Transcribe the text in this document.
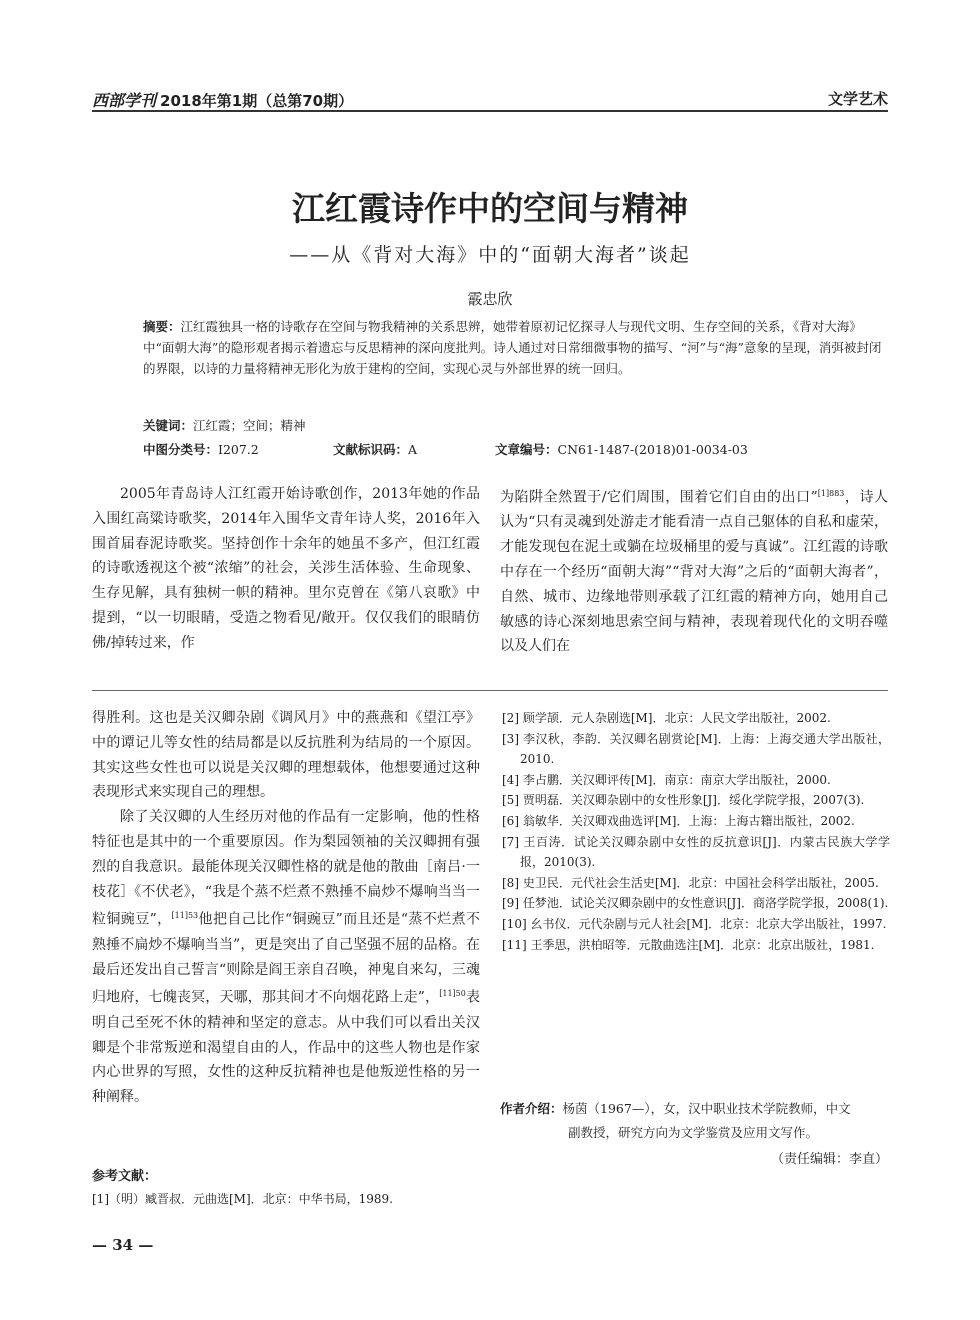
西部学刊 2018年第1期（总第70期）	文学艺术
江红霞诗作中的空间与精神
——从《背对大海》中的“面朝大海者”谈起
霰忠欣
摘要：江红霞独具一格的诗歌存在空间与物我精神的关系思辨，她带着原初记忆探寻人与现代文明、生存空间的关系，《背对大海》中“面朝大海”的隐形观者揭示着遗忘与反思精神的深向度批判。诗人通过对日常细微事物的描写、“河”与“海”意象的呈现，消弭被封闭的界限，以诗的力量将精神无形化为放于建构的空间，实现心灵与外部世界的统一回归。
关键词：江红霞；空间；精神
中图分类号：I207.2	文献标识码：A	文章编号：CN61-1487-(2018)01-0034-03

2005年青岛诗人江红霞开始诗歌创作，2013年她的作品入围红高粱诗歌奖，2014年入围华文青年诗人奖，2016年入围首届春泥诗歌奖。坚持创作十余年的她虽不多产，但江红霞的诗歌透视这个被“浓缩”的社会，关涉生活体验、生命现象、生存见解，具有独树一帜的精神。里尔克曾在《第八哀歌》中提到，“以一切眼睛，受造之物看见/敞开。仅仅我们的眼睛仿佛/掉转过来，作

为陷阱全然置于/它们周围，围着它们自由的出口”$^{[1]883}$，诗人认为“只有灵魂到处游走才能看清一点自己躯体的自私和虚荣，才能发现包在泥土或躺在垃圾桶里的爱与真诚”。江红霞的诗歌中存在一个经历“面朝大海”“背对大海”之后的“面朝大海者”，自然、城市、边缘地带则承载了江红霞的精神方向，她用自己敏感的诗心深刻地思索空间与精神，表现着现代化的文明吞噬以及人们在

得胜利。这也是关汉卿杂剧《调风月》中的燕燕和《望江亭》中的谭记儿等女性的结局都是以反抗胜利为结局的一个原因。其实这些女性也可以说是关汉卿的理想载体，他想要通过这种表现形式来实现自己的理想。

除了关汉卿的人生经历对他的作品有一定影响，他的性格特征也是其中的一个重要原因。作为梨园领袖的关汉卿拥有强烈的自我意识。最能体现关汉卿性格的就是他的散曲［南吕·一枝花］《不伏老》，“我是个蒸不烂煮不熟捶不扁炒不爆响当当一粒铜豌豆”，$^{[11]53}$他把自己比作“铜豌豆”而且还是“蒸不烂煮不熟捶不扁炒不爆响当当”，更是突出了自己坚强不屈的品格。在最后还发出自己誓言“则除是阎王亲自召唤，神鬼自来勾，三魂归地府，七魄丧冥，天哪，那其间才不向烟花路上走”，$^{[11]50}$表明自己至死不休的精神和坚定的意志。从中我们可以看出关汉卿是个非常叛逆和渴望自由的人，作品中的这些人物也是作家内心世界的写照，女性的这种反抗精神也是他叛逆性格的另一种阐释。

[2] 顾学颉．元人杂剧选[M]．北京：人民文学出版社，2002.
[3] 李汉秋，李韵．关汉卿名剧赏论[M]．上海：上海交通大学出版社，2010.
[4] 李占鹏．关汉卿评传[M]．南京：南京大学出版社，2000.
[5] 贾明磊．关汉卿杂剧中的女性形象[J]．绥化学院学报，2007(3).
[6] 翁敏华．关汉卿戏曲选评[M]．上海：上海古籍出版社，2002.
[7] 王百涛．试论关汉卿杂剧中女性的反抗意识[J]．内蒙古民族大学学报，2010(3).
[8] 史卫民．元代社会生活史[M]．北京：中国社会科学出版社，2005.
[9] 任梦池．试论关汉卿杂剧中的女性意识[J]．商洛学院学报，2008(1).
[10] 幺书仪．元代杂剧与元人社会[M]．北京：北京大学出版社，1997.
[11] 王季思，洪柏昭等．元散曲选注[M]．北京：北京出版社，1981.
作者介绍：杨茵（1967—），女，汉中职业技术学院教师，中文
副教授，研究方向为文学鉴赏及应用文写作。
（责任编辑：李直）
参考文献：
[1]（明）臧晋叔．元曲选[M]．北京：中华书局，1989.
— 34 —
